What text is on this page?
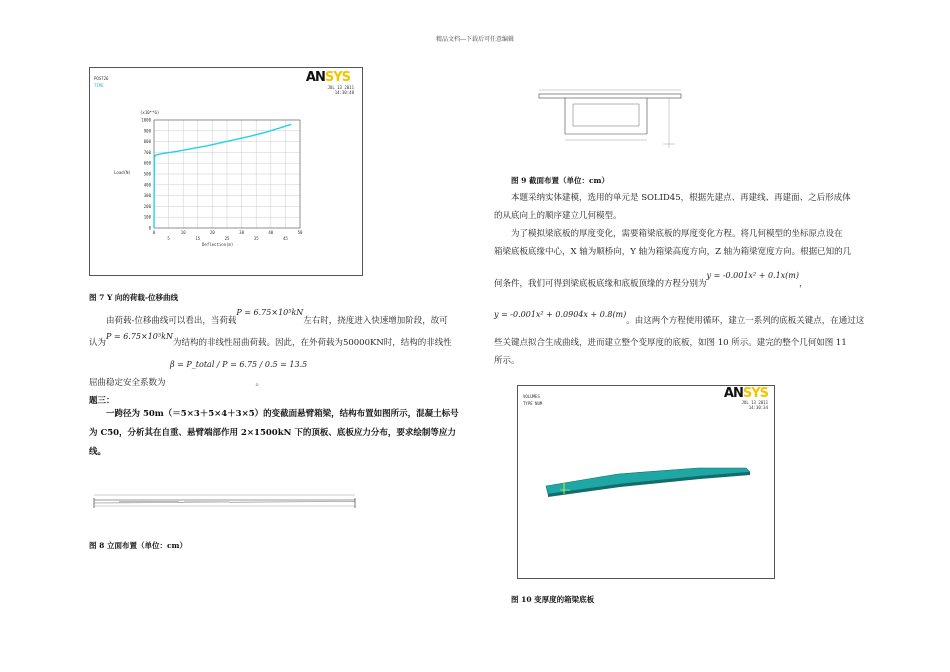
精品文档---下载后可任意编辑
POST26
TIME
ANSYS
JUL 13 2011
14:30:48
0
100
200
300
400
500
600
700
800
900
1000
0	10	20	30	40	50
5	15	25	35	45
(x10**6)
Load(N)
Deflection(m)
图 7 Y 向的荷载-位移曲线
由荷载-位移曲线可以看出，当荷载P = 6.75×10⁵kN左右时，挠度进入快速增加阶段，故可
认为P = 6.75×10⁵kN为结构的非线性屈曲荷载。因此，在外荷载为50000KN时，结构的非线性
β = P_total / P = 6.75 / 0.5 = 13.5
屈曲稳定安全系数为	。
题三：
一跨径为 50m（＝5×3＋5×4＋3×5）的变截面悬臂箱梁，结构布置如图所示，混凝土标号
为 C50，分析其在自重、悬臂端部作用 2×1500kN 下的顶板、底板应力分布，要求绘制等应力
线。
图 8 立面布置（单位：cm）
图 9 截面布置（单位：cm）
本题采纳实体建模，选用的单元是 SOLID45，根据先建点、再建线、再建面、之后形成体
的从底向上的顺序建立几何模型。
为了模拟梁底板的厚度变化，需要箱梁底板的厚度变化方程。将几何模型的坐标原点设在
箱梁底板底缘中心，X 轴为顺桥向，Y 轴为箱梁高度方向，Z 轴为箱梁宽度方向。根据已知的几
何条件，我们可得到梁底板底缘和底板顶缘的方程分别为y = -0.001x² + 0.1x(m)，
y = -0.001x² + 0.0904x + 0.8(m)。由这两个方程使用循环，建立一系列的底板关键点，在通过这
些关键点拟合生成曲线，进而建立整个变厚度的底板，如图 10 所示。建完的整个几何如图 11
所示。
VOLUMES
TYPE NUM
ANSYS
JUL 13 2011
14:30:34
图 10 变厚度的箱梁底板
